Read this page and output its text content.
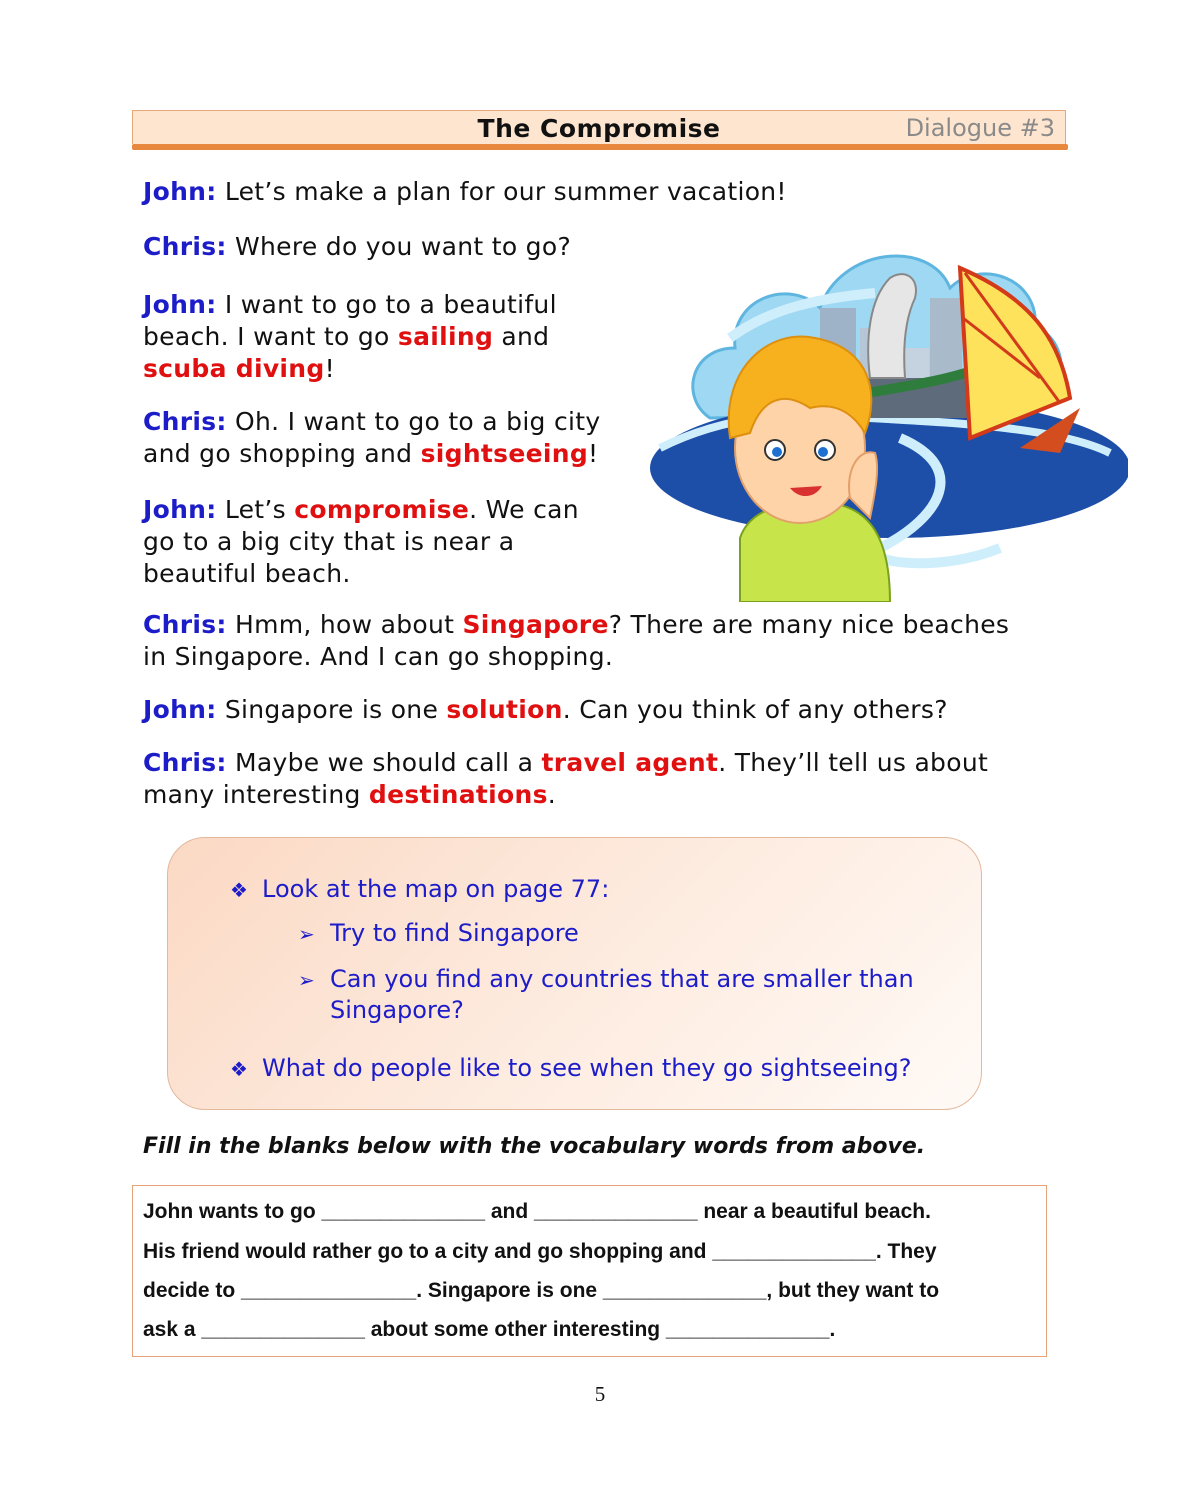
The Compromise	Dialogue #3
John: Let’s make a plan for our summer vacation!
Chris: Where do you want to go?
John: I want to go to a beautiful
beach. I want to go sailing and
scuba diving!
Chris: Oh. I want to go to a big city
and go shopping and sightseeing!
John: Let’s compromise. We can
go to a big city that is near a
beautiful beach.
Chris: Hmm, how about Singapore? There are many nice beaches
in Singapore. And I can go shopping.
John: Singapore is one solution. Can you think of any others?
Chris: Maybe we should call a travel agent. They’ll tell us about
many interesting destinations.
❖ Look at the map on page 77:
➢ Try to find Singapore
➢ Can you find any countries that are smaller than
Singapore?
❖ What do people like to see when they go sightseeing?
Fill in the blanks below with the vocabulary words from above.
John wants to go ______________ and ______________ near a beautiful beach.
His friend would rather go to a city and go shopping and ______________. They
decide to _______________. Singapore is one ______________, but they want to
ask a ______________ about some other interesting ______________.
5
